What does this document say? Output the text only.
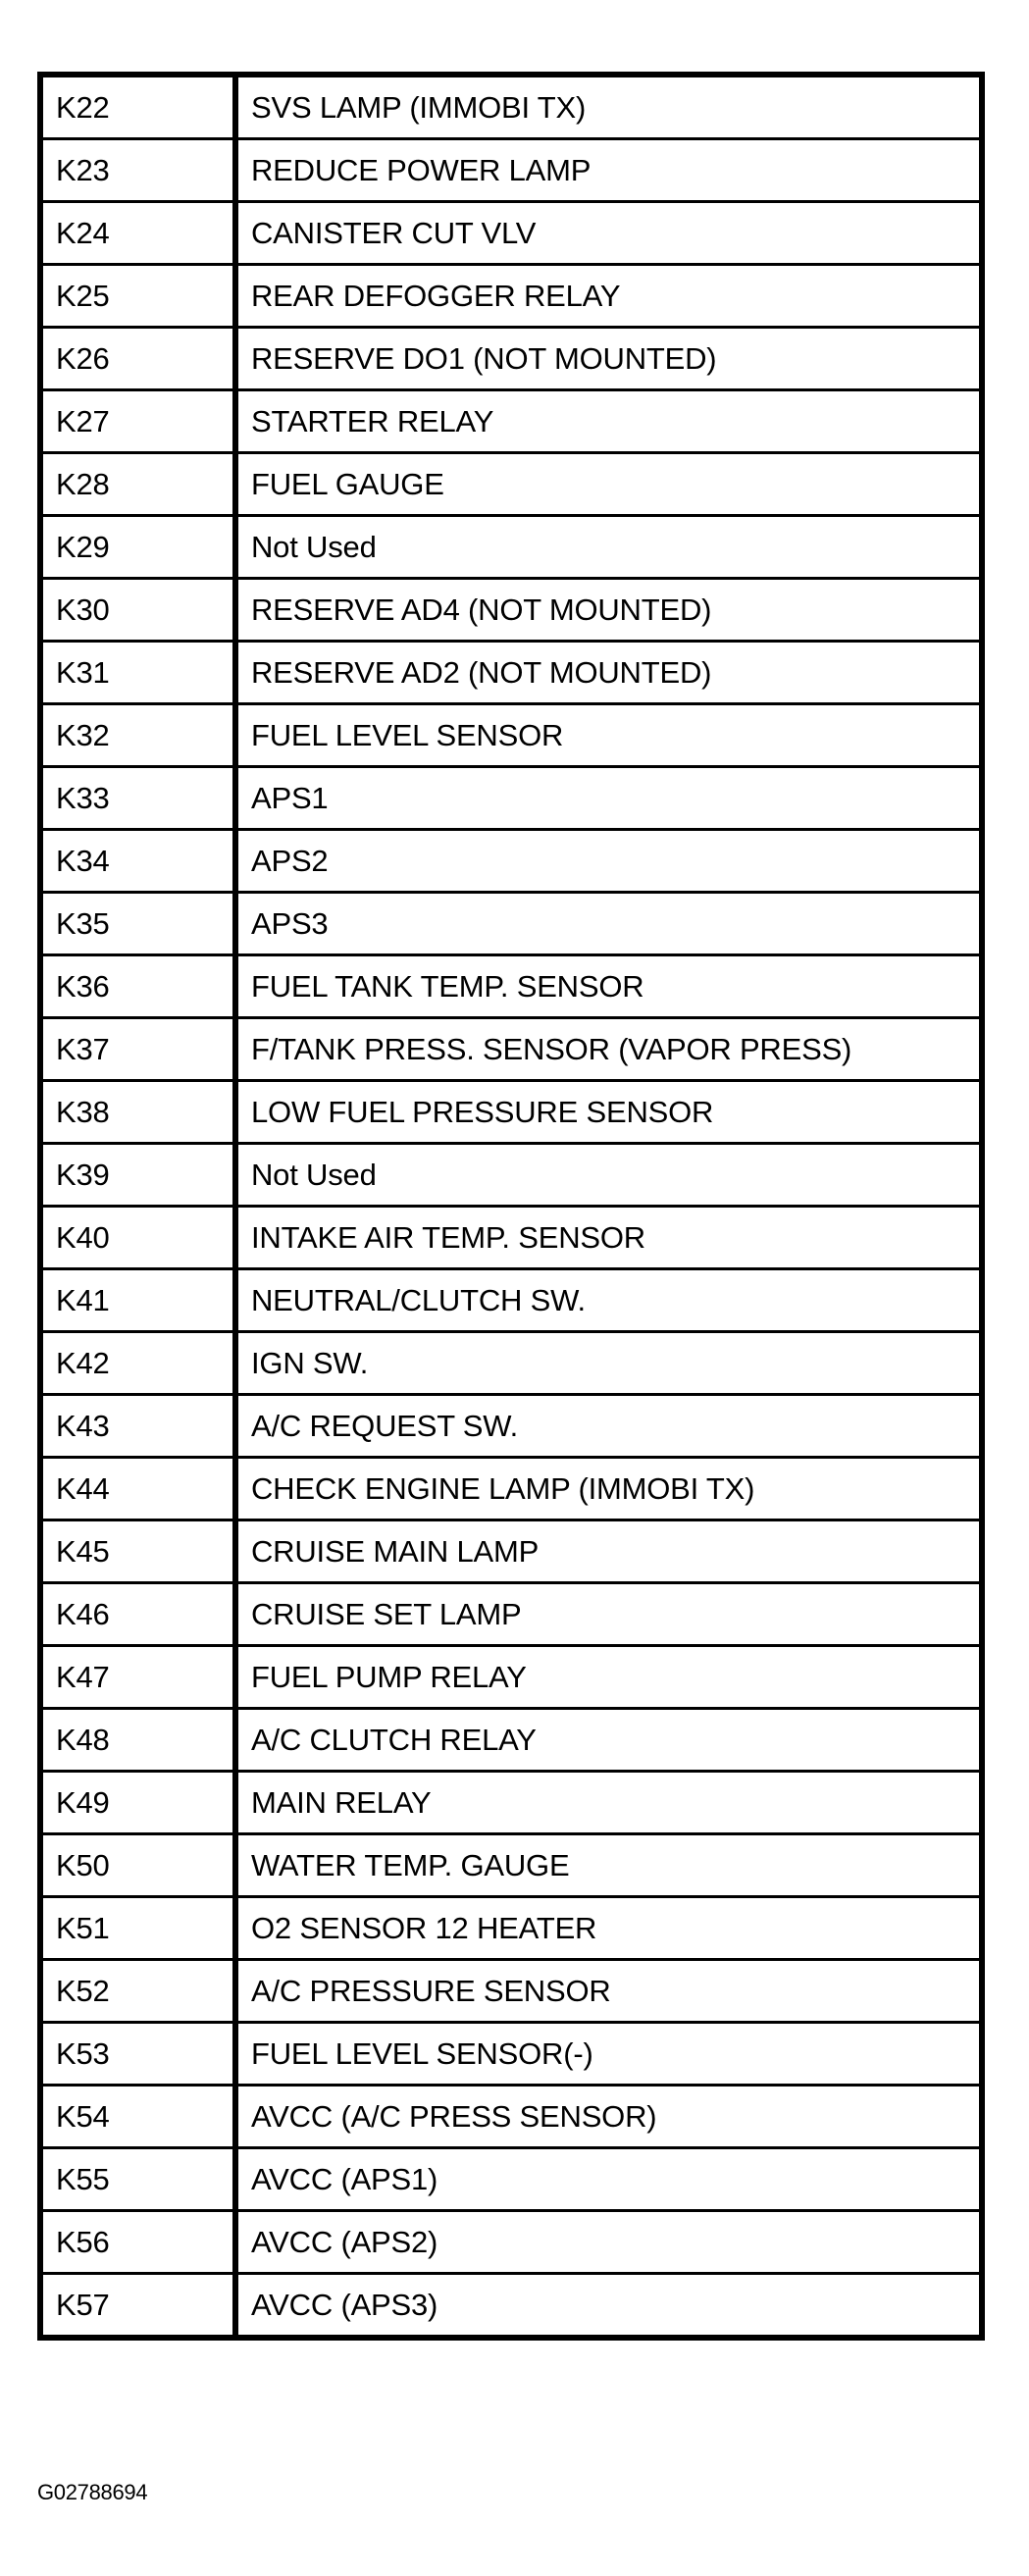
K22	SVS LAMP (IMMOBI TX)
K23	REDUCE POWER LAMP
K24	CANISTER CUT VLV
K25	REAR DEFOGGER RELAY
K26	RESERVE DO1 (NOT MOUNTED)
K27	STARTER RELAY
K28	FUEL GAUGE
K29	Not Used
K30	RESERVE AD4 (NOT MOUNTED)
K31	RESERVE AD2 (NOT MOUNTED)
K32	FUEL LEVEL SENSOR
K33	APS1
K34	APS2
K35	APS3
K36	FUEL TANK TEMP. SENSOR
K37	F/TANK PRESS. SENSOR (VAPOR PRESS)
K38	LOW FUEL PRESSURE SENSOR
K39	Not Used
K40	INTAKE AIR TEMP. SENSOR
K41	NEUTRAL/CLUTCH SW.
K42	IGN SW.
K43	A/C REQUEST SW.
K44	CHECK ENGINE LAMP (IMMOBI TX)
K45	CRUISE MAIN LAMP
K46	CRUISE SET LAMP
K47	FUEL PUMP RELAY
K48	A/C CLUTCH RELAY
K49	MAIN RELAY
K50	WATER TEMP. GAUGE
K51	O2 SENSOR 12 HEATER
K52	A/C PRESSURE SENSOR
K53	FUEL LEVEL SENSOR(-)
K54	AVCC (A/C PRESS SENSOR)
K55	AVCC (APS1)
K56	AVCC (APS2)
K57	AVCC (APS3)
G02788694
